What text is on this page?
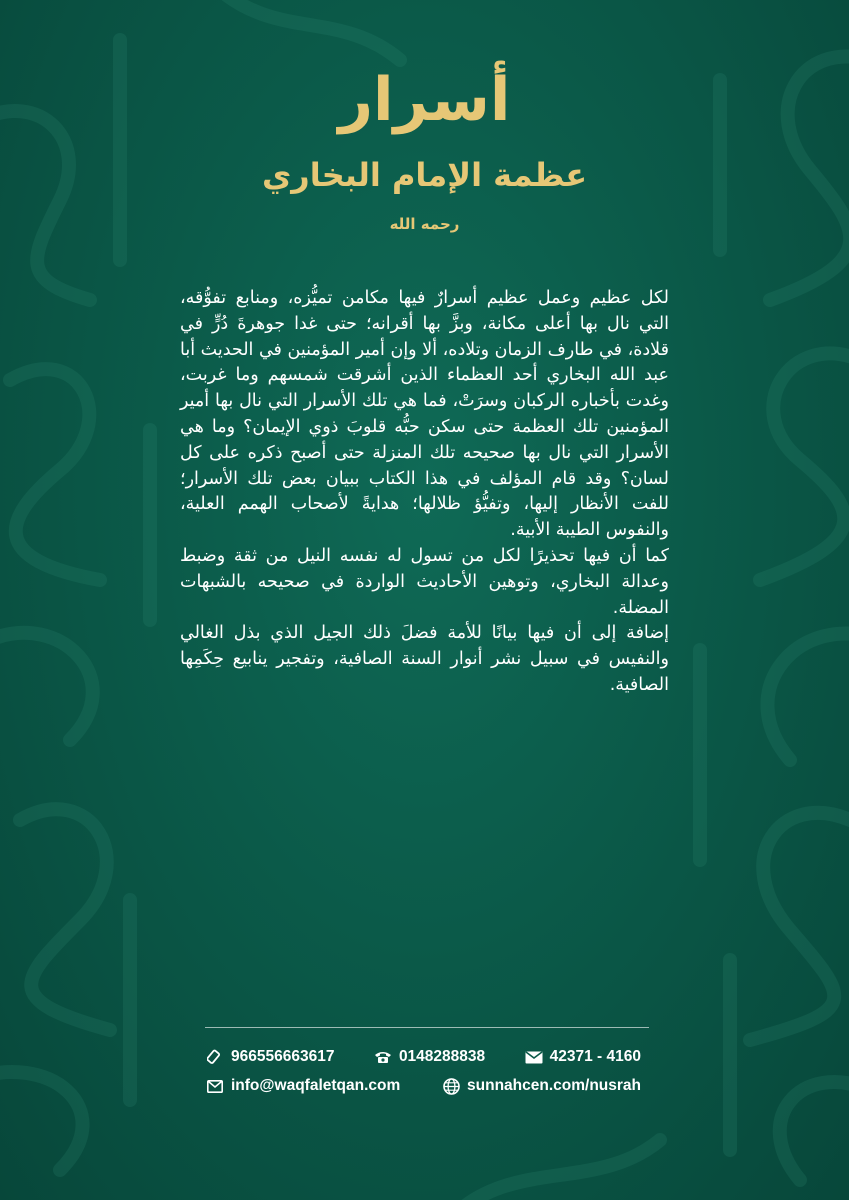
أسرار
عظمة الإمام البخاري
رحمه الله

لكل عظيم وعمل عظيم أسرارٌ فيها مكامن تميُّزه، ومنابع تفوُّقه، التي نال بها أعلى مكانة، وبزَّ بها أقرانه؛ حتى غدا جوهرةَ دُرٍّ في قلادة، في طارف الزمان وتلاده، ألا وإن أمير المؤمنين في الحديث أبا عبد الله البخاري أحد العظماء الذين أشرقت شمسهم وما غربت، وغدت بأخباره الركبان وسرَتْ، فما هي تلك الأسرار التي نال بها أمير المؤمنين تلك العظمة حتى سكن حبُّه قلوبَ ذوي الإيمان؟ وما هي الأسرار التي نال بها صحيحه تلك المنزلة حتى أصبح ذكره على كل لسان؟ وقد قام المؤلف في هذا الكتاب ببيان بعض تلك الأسرار؛ للفت الأنظار إليها، وتفيُّؤ ظلالها؛ هدايةً لأصحاب الهمم العلية، والنفوس الطيبة الأبية.

كما أن فيها تحذيرًا لكل من تسول له نفسه النيل من ثقة وضبط وعدالة البخاري، وتوهين الأحاديث الواردة في صحيحه بالشبهات المضلة.

إضافة إلى أن فيها بيانًا للأمة فضلَ ذلك الجيل الذي بذل الغالي والنفيس في سبيل نشر أنوار السنة الصافية، وتفجير ينابيع حِكَمِها الصافية.

966556663617	0148288838	42371 - 4160
info@waqfaletqan.com	sunnahcen.com/nusrah
